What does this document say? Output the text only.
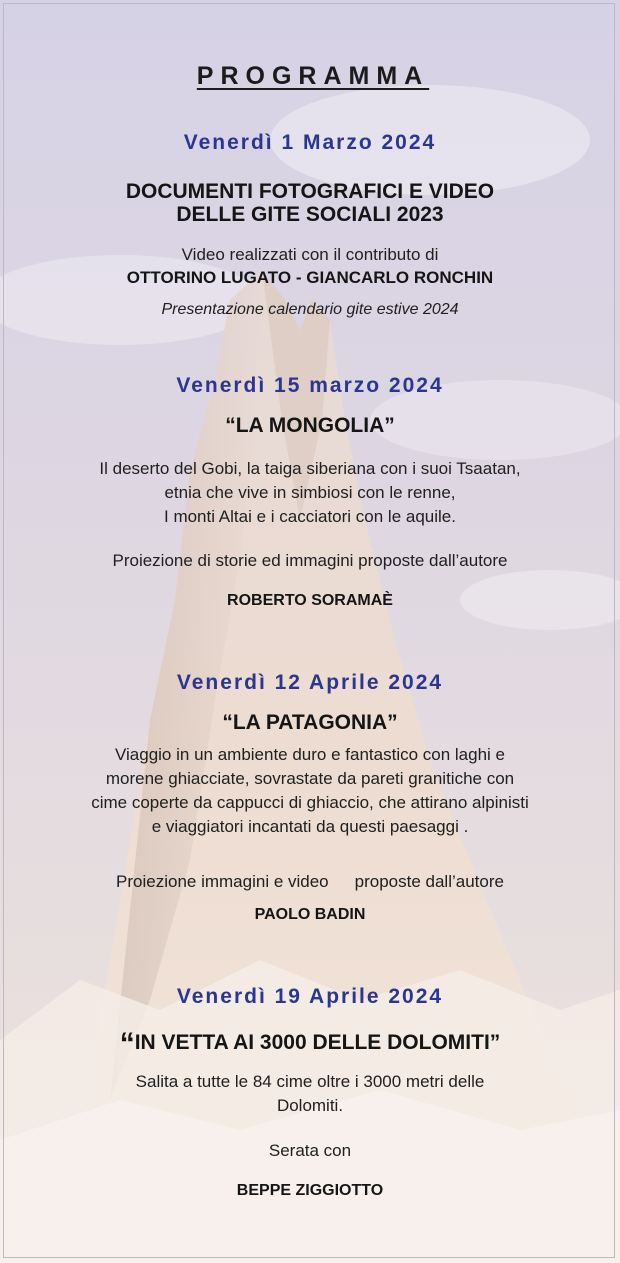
PROGRAMMA
Venerdì 1 Marzo 2024
DOCUMENTI FOTOGRAFICI E VIDEO
DELLE GITE SOCIALI 2023
Video realizzati con il contributo di
OTTORINO LUGATO - GIANCARLO RONCHIN
Presentazione calendario gite estive 2024
Venerdì 15 marzo 2024
“LA MONGOLIA”
Il deserto del Gobi, la taiga siberiana con i suoi Tsaatan,
etnia che vive in simbiosi con le renne,
I monti Altai e i cacciatori con le aquile.
Proiezione di storie ed immagini proposte dall’autore
ROBERTO SORAMAÈ
Venerdì 12 Aprile 2024
“LA PATAGONIA”
Viaggio in un ambiente duro e fantastico con laghi e
morene ghiacciate, sovrastate da pareti granitiche con
cime coperte da cappucci di ghiaccio, che attirano alpinisti
e viaggiatori incantati da questi paesaggi .
Proiezione immagini e video proposte dall’autore
PAOLO BADIN
Venerdì 19 Aprile 2024
“IN VETTA AI 3000 DELLE DOLOMITI”
Salita a tutte le 84 cime oltre i 3000 metri delle
Dolomiti.
Serata con
BEPPE ZIGGIOTTO
